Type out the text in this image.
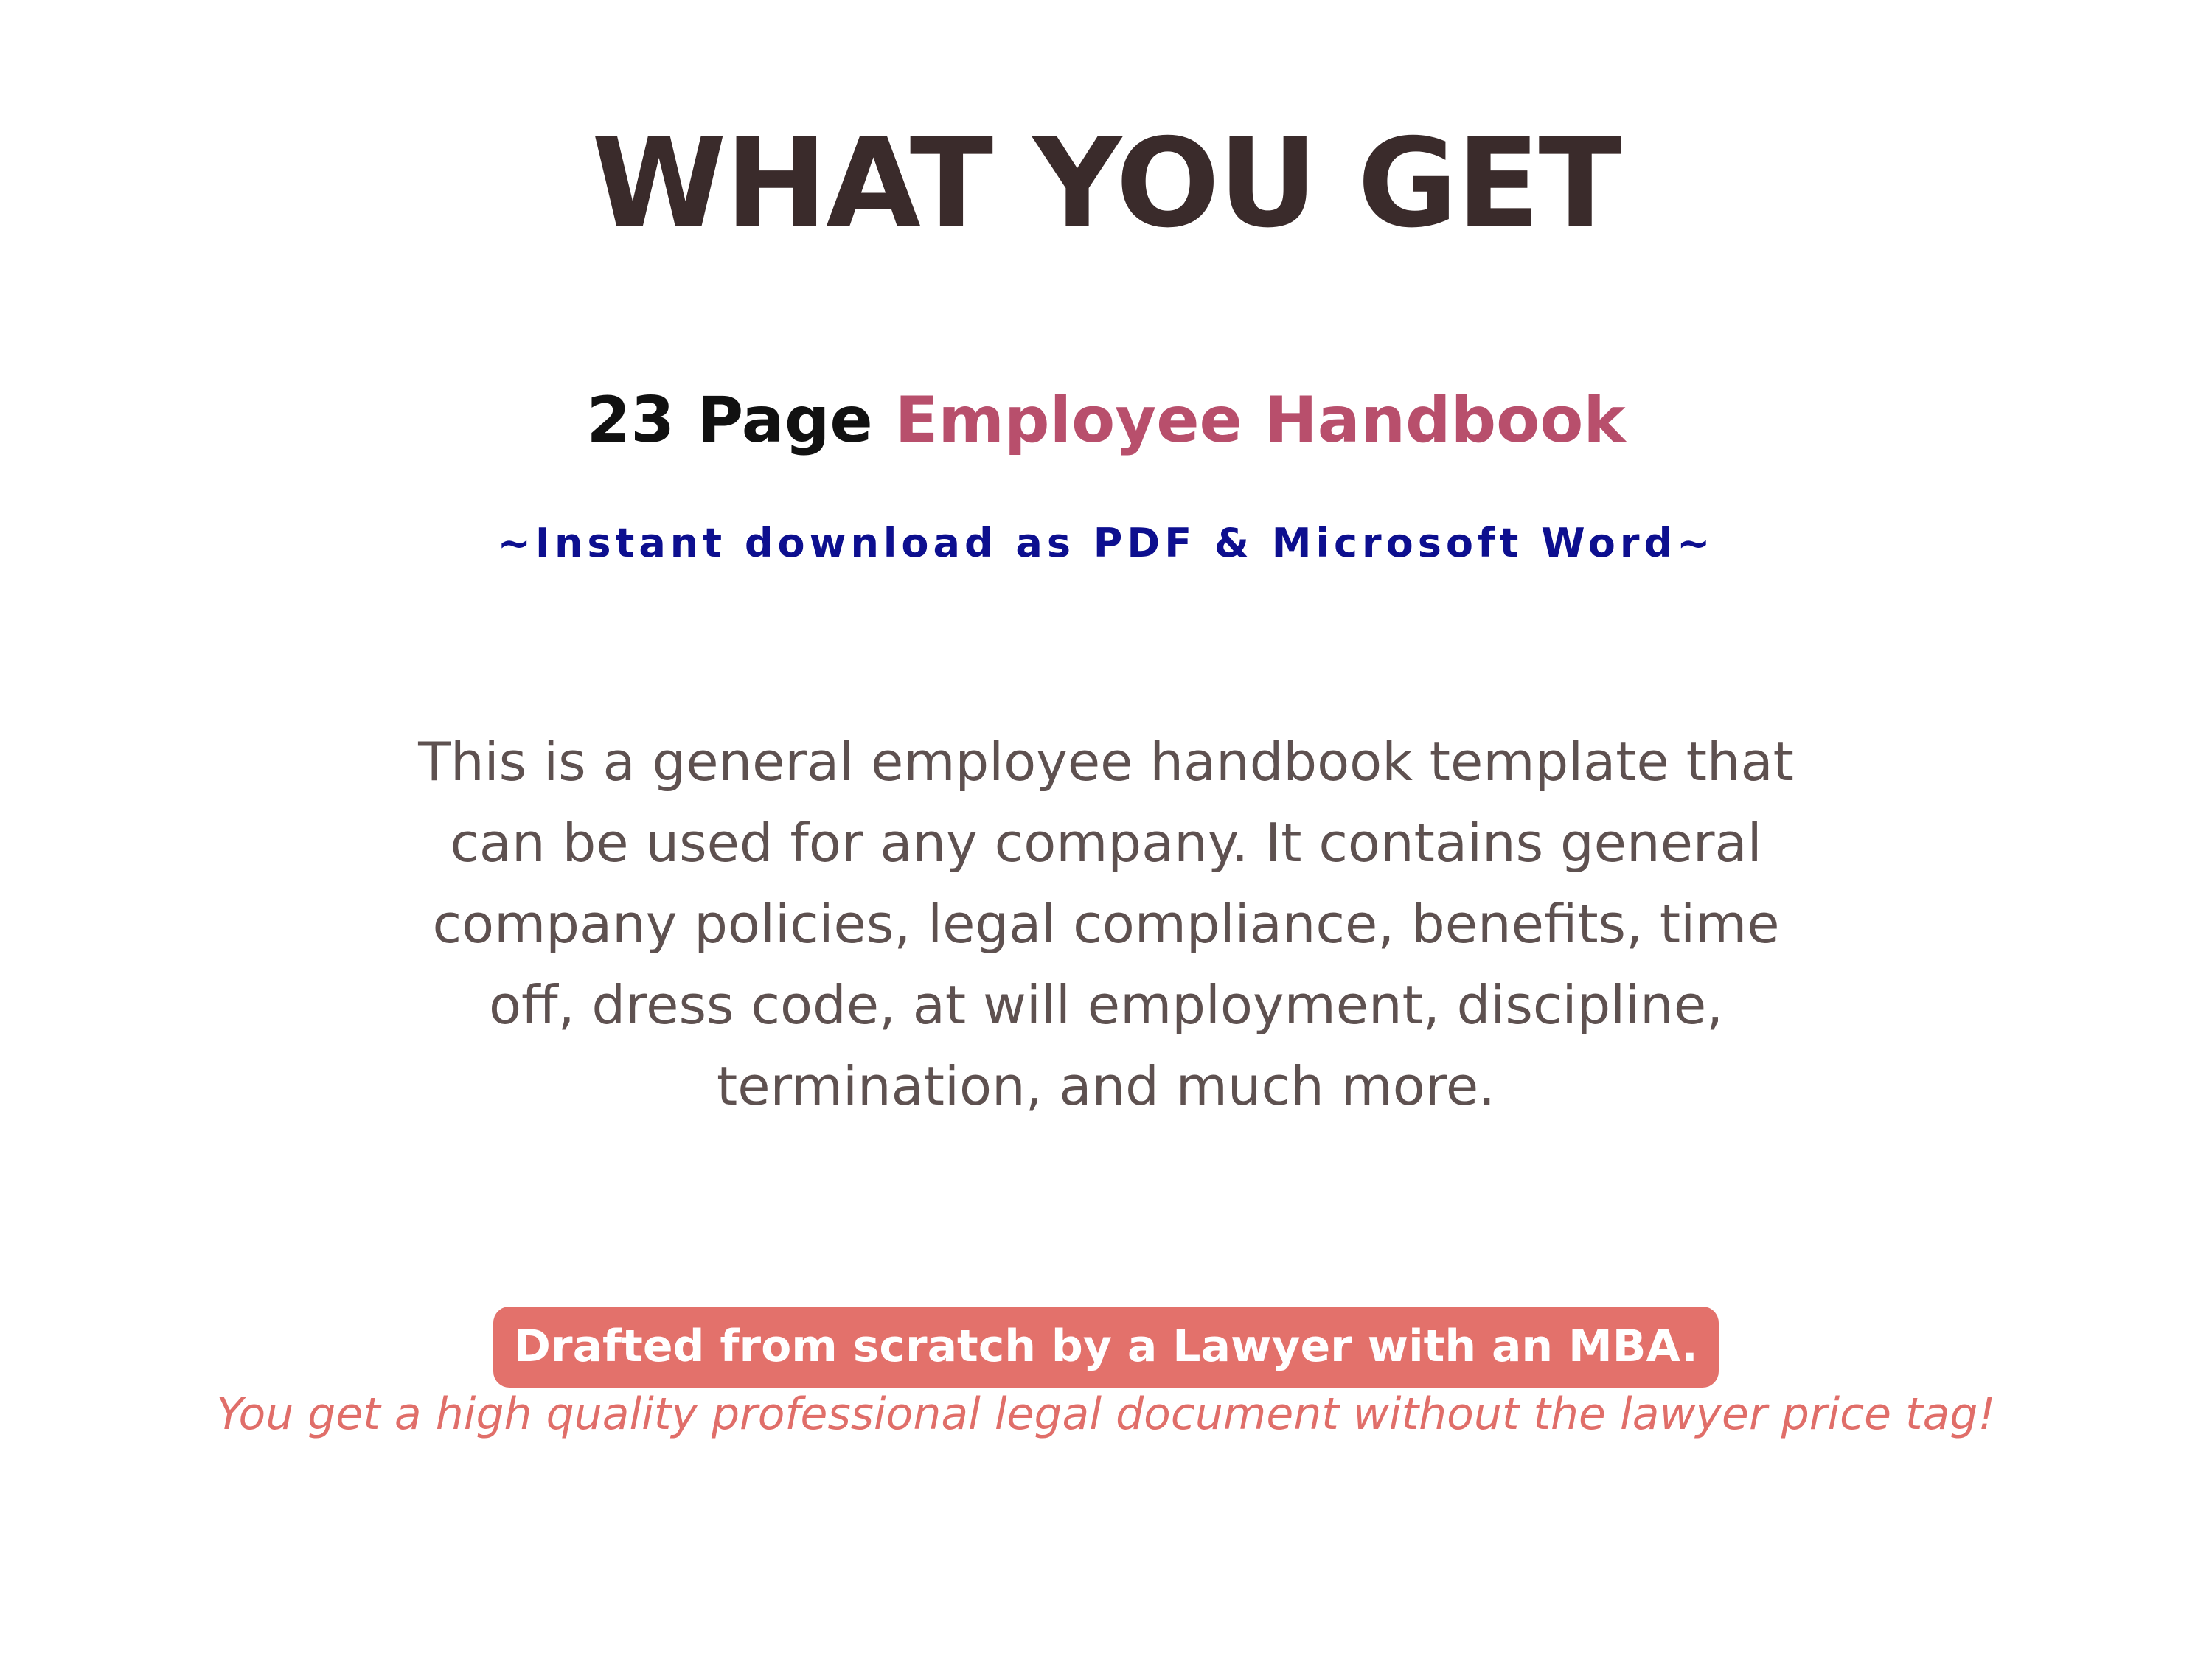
WHAT YOU GET
23 Page Employee Handbook
~Instant download as PDF & Microsoft Word~
This is a general employee handbook template that
can be used for any company. It contains general
company policies, legal compliance, benefits, time
off, dress code, at will employment, discipline,
termination, and much more.
Drafted from scratch by a Lawyer with an MBA.
You get a high quality professional legal document without the lawyer price tag!
